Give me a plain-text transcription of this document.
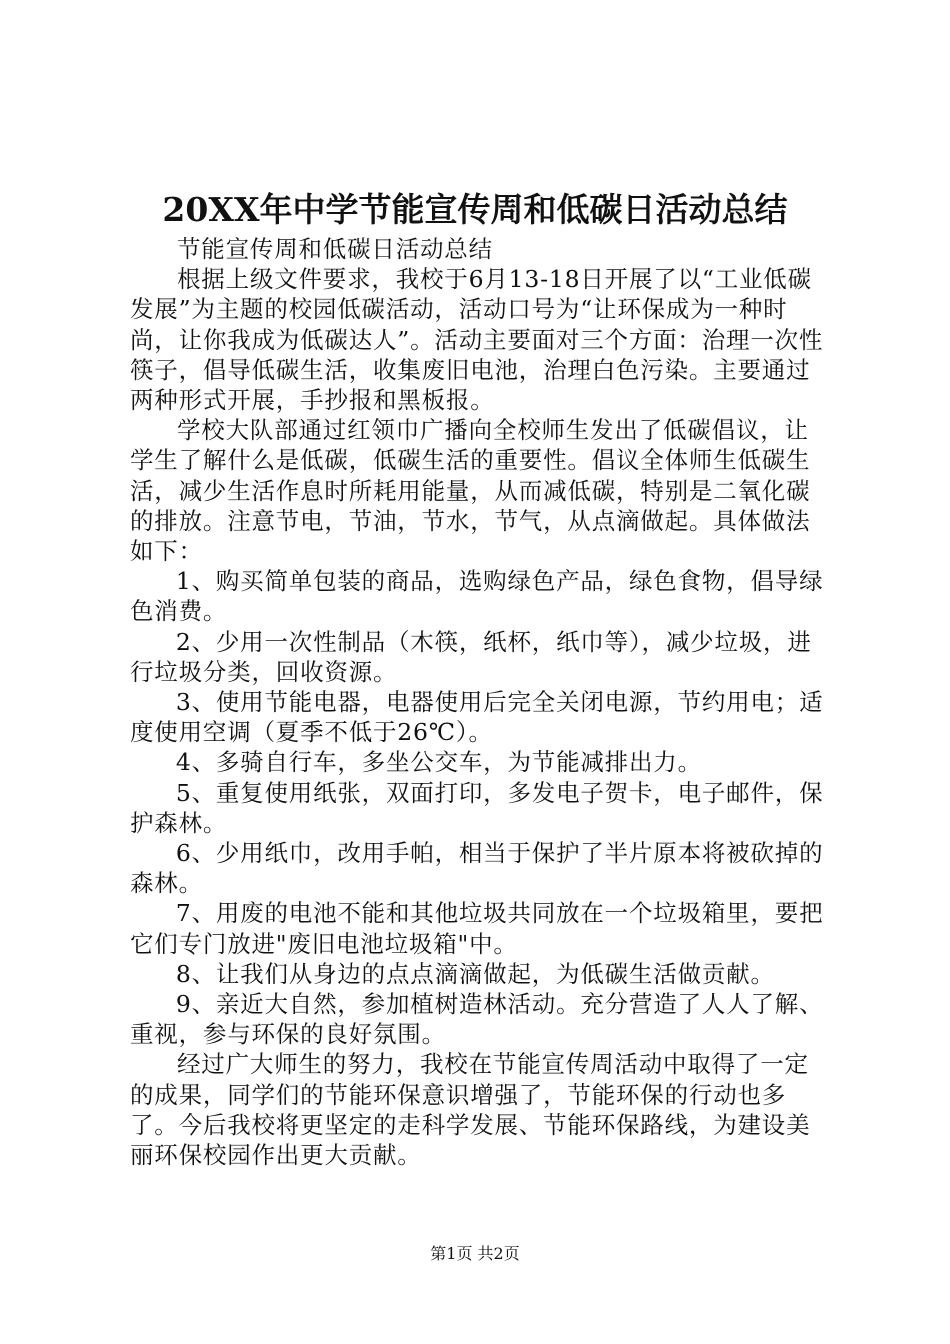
20XX年中学节能宣传周和低碳日活动总结

节能宣传周和低碳日活动总结

根据上级文件要求，我校于6月13-18日开展了以“工业低碳发展”为主题的校园低碳活动，活动口号为“让环保成为一种时尚，让你我成为低碳达人”。活动主要面对三个方面：治理一次性筷子，倡导低碳生活，收集废旧电池，治理白色污染。主要通过两种形式开展，手抄报和黑板报。

学校大队部通过红领巾广播向全校师生发出了低碳倡议，让学生了解什么是低碳，低碳生活的重要性。倡议全体师生低碳生活，减少生活作息时所耗用能量，从而减低碳，特别是二氧化碳的排放。注意节电，节油，节水，节气，从点滴做起。具体做法如下：

1、购买简单包装的商品，选购绿色产品，绿色食物，倡导绿色消费。

2、少用一次性制品（木筷，纸杯，纸巾等），减少垃圾，进行垃圾分类，回收资源。

3、使用节能电器，电器使用后完全关闭电源，节约用电；适度使用空调（夏季不低于26℃）。

4、多骑自行车，多坐公交车，为节能减排出力。

5、重复使用纸张，双面打印，多发电子贺卡，电子邮件，保护森林。

6、少用纸巾，改用手帕，相当于保护了半片原本将被砍掉的森林。

7、用废的电池不能和其他垃圾共同放在一个垃圾箱里，要把它们专门放进"废旧电池垃圾箱"中。

8、让我们从身边的点点滴滴做起，为低碳生活做贡献。

9、亲近大自然，参加植树造林活动。充分营造了人人了解、重视，参与环保的良好氛围。

经过广大师生的努力，我校在节能宣传周活动中取得了一定的成果，同学们的节能环保意识增强了，节能环保的行动也多了。今后我校将更坚定的走科学发展、节能环保路线，为建设美丽环保校园作出更大贡献。

第1页 共2页
